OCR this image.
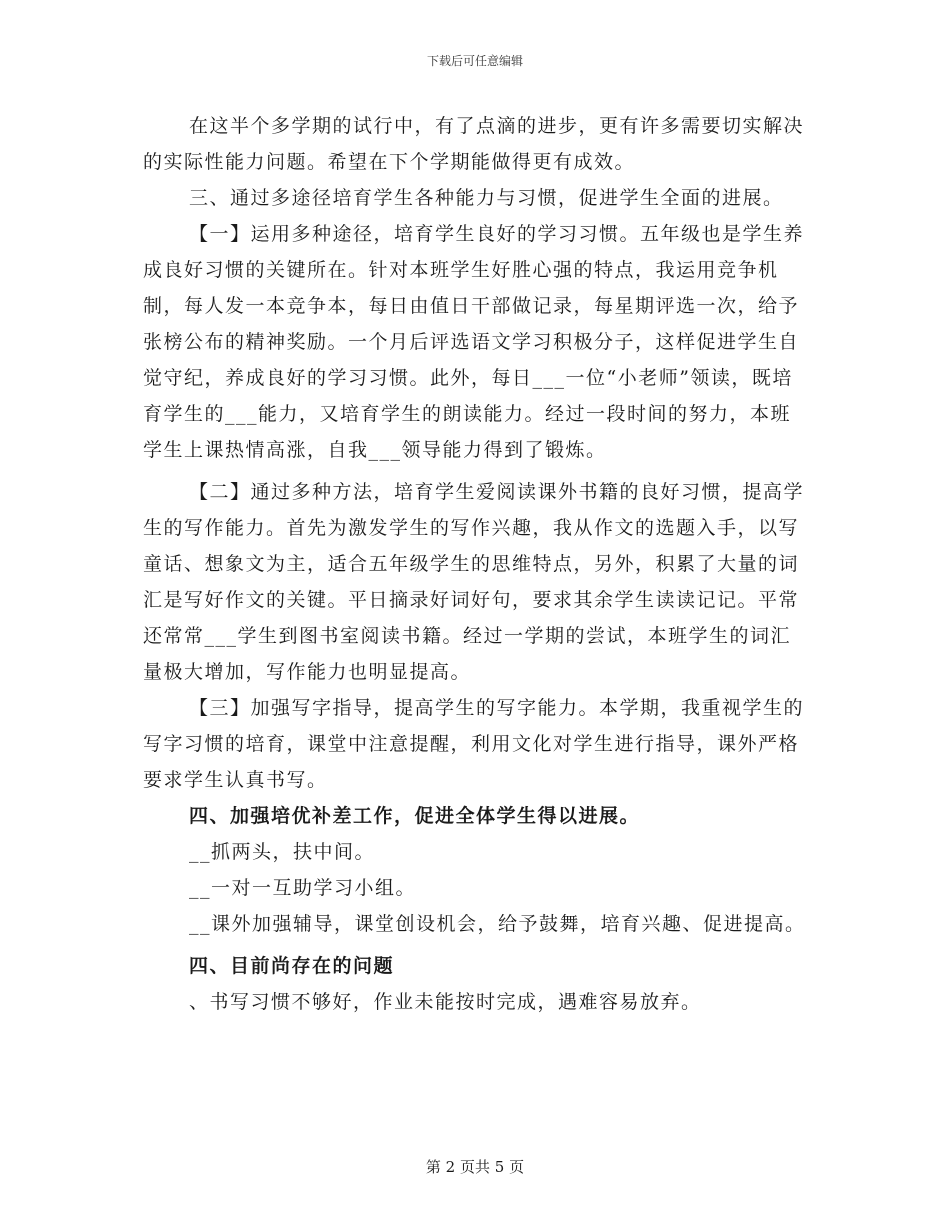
下载后可任意编辑

在这半个多学期的试行中，有了点滴的进步，更有许多需要切实解决的实际性能力问题。希望在下个学期能做得更有成效。

三、通过多途径培育学生各种能力与习惯，促进学生全面的进展。

【一】运用多种途径，培育学生良好的学习习惯。五年级也是学生养成良好习惯的关键所在。针对本班学生好胜心强的特点，我运用竞争机制，每人发一本竞争本，每日由值日干部做记录，每星期评选一次，给予张榜公布的精神奖励。一个月后评选语文学习积极分子，这样促进学生自觉守纪，养成良好的学习习惯。此外，每日___一位“小老师”领读，既培育学生的___能力，又培育学生的朗读能力。经过一段时间的努力，本班学生上课热情高涨，自我___领导能力得到了锻炼。

【二】通过多种方法，培育学生爱阅读课外书籍的良好习惯，提高学生的写作能力。首先为激发学生的写作兴趣，我从作文的选题入手，以写童话、想象文为主，适合五年级学生的思维特点，另外，积累了大量的词汇是写好作文的关键。平日摘录好词好句，要求其余学生读读记记。平常还常常___学生到图书室阅读书籍。经过一学期的尝试，本班学生的词汇量极大增加，写作能力也明显提高。

【三】加强写字指导，提高学生的写字能力。本学期，我重视学生的写字习惯的培育，课堂中注意提醒，利用文化对学生进行指导，课外严格要求学生认真书写。

四、加强培优补差工作，促进全体学生得以进展。

__抓两头，扶中间。

__一对一互助学习小组。

__课外加强辅导，课堂创设机会，给予鼓舞，培育兴趣、促进提高。

四、目前尚存在的问题

、书写习惯不够好，作业未能按时完成，遇难容易放弃。

第 2 页共 5 页
